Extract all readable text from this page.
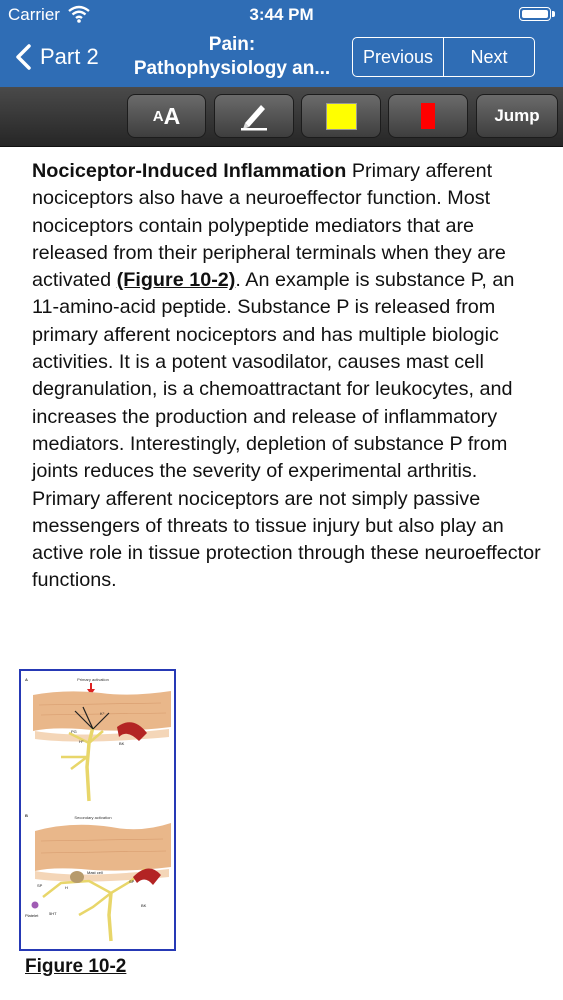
Carrier	3:44 PM
Part 2	Pain:
Pathophysiology an...
Previous	Next
A A	Jump
Nociceptor-Induced Inflammation Primary afferent nociceptors also have a neuroeffector function. Most nociceptors contain polypeptide mediators that are released from their peripheral terminals when they are activated (Figure 10-2). An example is substance P, an 11-amino-acid peptide. Substance P is released from primary afferent nociceptors and has multiple biologic activities. It is a potent vasodilator, causes mast cell degranulation, is a chemoattractant for leukocytes, and increases the production and release of inflammatory mediators. Interestingly, depletion of substance P from joints reduces the severity of experimental arthritis. Primary afferent nociceptors are not simply passive messengers of threats to tissue injury but also play an active role in tissue protection through these neuroeffector functions.
A	Primary activation
K⁺
PG
H⁺	BK
B	Secondary activation
Mast cell
SP	H
SP
5HT
BK
Platelet
Figure 10-2
